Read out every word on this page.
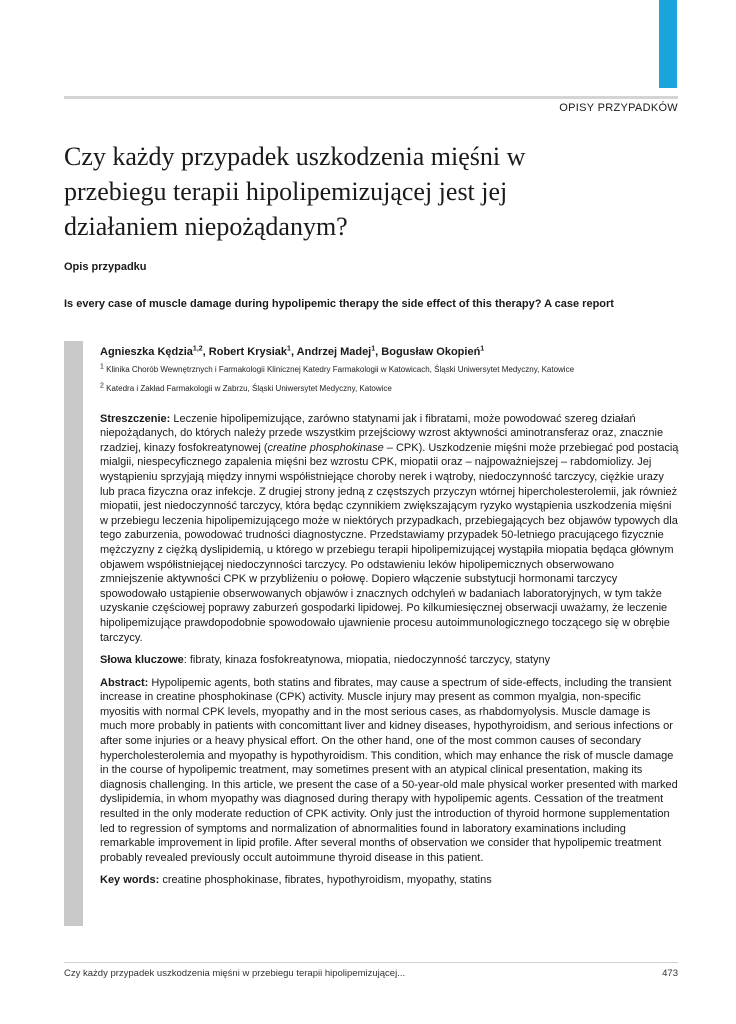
OPISY PRZYPADKÓW
Czy każdy przypadek uszkodzenia mięśni w przebiegu terapii hipolipemizującej jest jej działaniem niepożądanym?
Opis przypadku
Is every case of muscle damage during hypolipemic therapy the side effect of this therapy? A case report

Agnieszka Kędzia$^{1,2}$, Robert Krysiak$^1$, Andrzej Madej$^1$, Bogusław Okopień$^1$

$^1$ Klinika Chorób Wewnętrznych i Farmakologii Klinicznej Katedry Farmakologii w Katowicach, Śląski Uniwersytet Medyczny, Katowice

$^2$ Katedra i Zakład Farmakologii w Zabrzu, Śląski Uniwersytet Medyczny, Katowice

Streszczenie: Leczenie hipolipemizujące, zarówno statynami jak i fibratami, może powodować szereg działań niepożądanych, do których należy przede wszystkim przejściowy wzrost aktywności aminotransferaz oraz, znacznie rzadziej, kinazy fosfokreatynowej (creatine phosphokinase – CPK). Uszkodzenie mięśni może przebiegać pod postacią mialgii, niespecyficznego zapalenia mięśni bez wzrostu CPK, miopatii oraz – najpoważniejszej – rabdomiolizy. Jej wystąpieniu sprzyjają między innymi współistniejące choroby nerek i wątroby, niedoczynność tarczycy, ciężkie urazy lub praca fizyczna oraz infekcje. Z drugiej strony jedną z częstszych przyczyn wtórnej hipercholesterolemii, jak również miopatii, jest niedoczynność tarczycy, która będąc czynnikiem zwiększającym ryzyko wystąpienia uszkodzenia mięśni w przebiegu leczenia hipolipemizującego może w niektórych przypadkach, przebiegających bez objawów typowych dla tego zaburzenia, powodować trudności diagnostyczne. Przedstawiamy przypadek 50-letniego pracującego fizycznie mężczyzny z ciężką dyslipidemią, u którego w przebiegu terapii hipolipemizującej wystąpiła miopatia będąca głównym objawem współistniejącej niedoczynności tarczycy. Po odstawieniu leków hipolipemicznych obserwowano zmniejszenie aktywności CPK w przybliżeniu o połowę. Dopiero włączenie substytucji hormonami tarczycy spowodowało ustąpienie obserwowanych objawów i znacznych odchyleń w badaniach laboratoryjnych, w tym także uzyskanie częściowej poprawy zaburzeń gospodarki lipidowej. Po kilkumiesięcznej obserwacji uważamy, że leczenie hipolipemizujące prawdopodobnie spowodowało ujawnienie procesu autoimmunologicznego toczącego się w obrębie tarczycy.

Słowa kluczowe: fibraty, kinaza fosfokreatynowa, miopatia, niedoczynność tarczycy, statyny

Abstract: Hypolipemic agents, both statins and fibrates, may cause a spectrum of side-effects, including the transient increase in creatine phosphokinase (CPK) activity. Muscle injury may present as common myalgia, non-specific myositis with normal CPK levels, myopathy and in the most serious cases, as rhabdomyolysis. Muscle damage is much more probably in patients with concomittant liver and kidney diseases, hypothyroidism, and serious infections or after some injuries or a heavy physical effort. On the other hand, one of the most common causes of secondary hypercholesterolemia and myopathy is hypothyroidism. This condition, which may enhance the risk of muscle damage in the course of hypolipemic treatment, may sometimes present with an atypical clinical presentation, making its diagnosis challenging. In this article, we present the case of a 50-year-old male physical worker presented with marked dyslipidemia, in whom myopathy was diagnosed during therapy with hypolipemic agents. Cessation of the treatment resulted in the only moderate reduction of CPK activity. Only just the introduction of thyroid hormone supplementation led to regression of symptoms and normalization of abnormalities found in laboratory examinations including remarkable improvement in lipid profile. After several months of observation we consider that hypolipemic treatment probably revealed previously occult autoimmune thyroid disease in this patient.

Key words: creatine phosphokinase, fibrates, hypothyroidism, myopathy, statins

Czy każdy przypadek uszkodzenia mięśni w przebiegu terapii hipolipemizującej...	473
